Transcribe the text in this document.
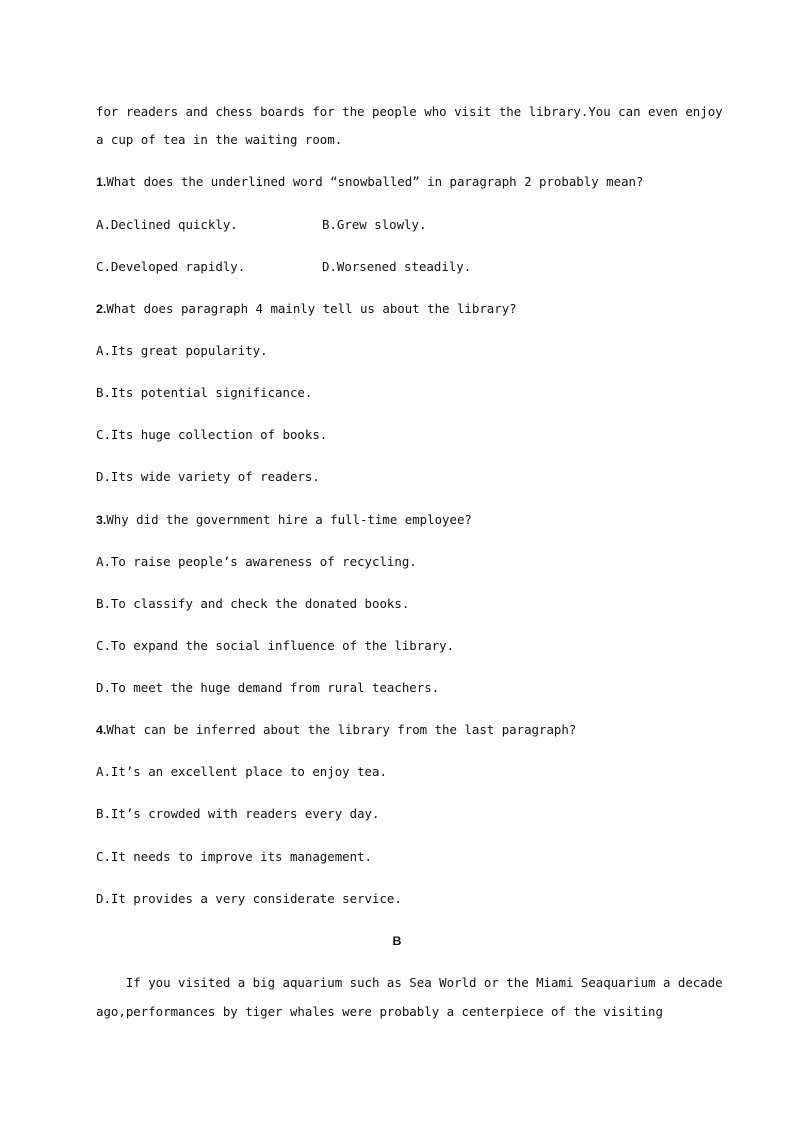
for readers and chess boards for the people who visit the library.You can even enjoy
a cup of tea in the waiting room.
1.What does the underlined word “snowballed” in paragraph 2 probably mean?
A.Declined quickly.	B.Grew slowly.
C.Developed rapidly.	D.Worsened steadily.
2.What does paragraph 4 mainly tell us about the library?
A.Its great popularity.
B.Its potential significance.
C.Its huge collection of books.
D.Its wide variety of readers.
3.Why did the government hire a full-time employee?
A.To raise people’s awareness of recycling.
B.To classify and check the donated books.
C.To expand the social influence of the library.
D.To meet the huge demand from rural teachers.
4.What can be inferred about the library from the last paragraph?
A.It’s an excellent place to enjoy tea.
B.It’s crowded with readers every day.
C.It needs to improve its management.
D.It provides a very considerate service.
B
If you visited a big aquarium such as Sea World or the Miami Seaquarium a decade
ago,performances by tiger whales were probably a centerpiece of the visiting
